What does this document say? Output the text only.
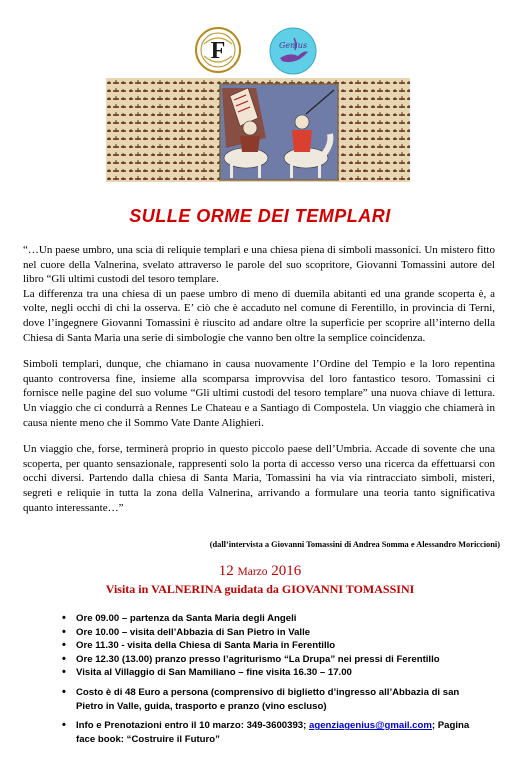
F	Genius
SULLE ORME DEI TEMPLARI

“…Un paese umbro, una scia di reliquie templari e una chiesa piena di simboli massonici. Un mistero fitto nel cuore della Valnerina, svelato attraverso le parole del suo scopritore, Giovanni Tomassini autore del libro “Gli ultimi custodi del tesoro templare.

La differenza tra una chiesa di un paese umbro di meno di duemila abitanti ed una grande scoperta è, a volte, negli occhi di chi la osserva. E’ ciò che è accaduto nel comune di Ferentillo, in provincia di Terni, dove l’ingegnere Giovanni Tomassini è riuscito ad andare oltre la superficie per scoprire all’interno della Chiesa di Santa Maria una serie di simbologie che vanno ben oltre la semplice coincidenza.

Simboli templari, dunque, che chiamano in causa nuovamente l’Ordine del Tempio e la loro repentina quanto controversa fine, insieme alla scomparsa improvvisa del loro fantastico tesoro. Tomassini ci fornisce nelle pagine del suo volume “Gli ultimi custodi del tesoro templare” una nuova chiave di lettura. Un viaggio che ci condurrà a Rennes Le Chateau e a Santiago di Compostela. Un viaggio che chiamerà in causa niente meno che il Sommo Vate Dante Alighieri.

Un viaggio che, forse, terminerà proprio in questo piccolo paese dell’Umbria. Accade di sovente che una scoperta, per quanto sensazionale, rappresenti solo la porta di accesso verso una ricerca da effettuarsi con occhi diversi. Partendo dalla chiesa di Santa Maria, Tomassini ha via via rintracciato simboli, misteri, segreti e reliquie in tutta la zona della Valnerina, arrivando a formulare una teoria tanto significativa quanto interessante…”

(dall’intervista a Giovanni Tomassini di Andrea Somma e Alessandro Moriccioni)
12 Marzo 2016
Visita in VALNERINA guidata da GIOVANNI TOMASSINI
• Ore 09.00 – partenza da Santa Maria degli Angeli
• Ore 10.00 – visita dell’Abbazia di San Pietro in Valle
• Ore 11.30 - visita della Chiesa di Santa Maria in Ferentillo
• Ore 12.30 (13.00) pranzo presso l’agriturismo “La Drupa” nei pressi di Ferentillo
• Visita al Villaggio di San Mamiliano – fine visita 16.30 – 17.00
• Costo è di 48 Euro a persona (comprensivo di biglietto d’ingresso all’Abbazia di san Pietro in Valle, guida, trasporto e pranzo (vino escluso)
• Info e Prenotazioni entro il 10 marzo: 349-3600393; agenziagenius@gmail.com; Pagina face book: “Costruire il Futuro”
